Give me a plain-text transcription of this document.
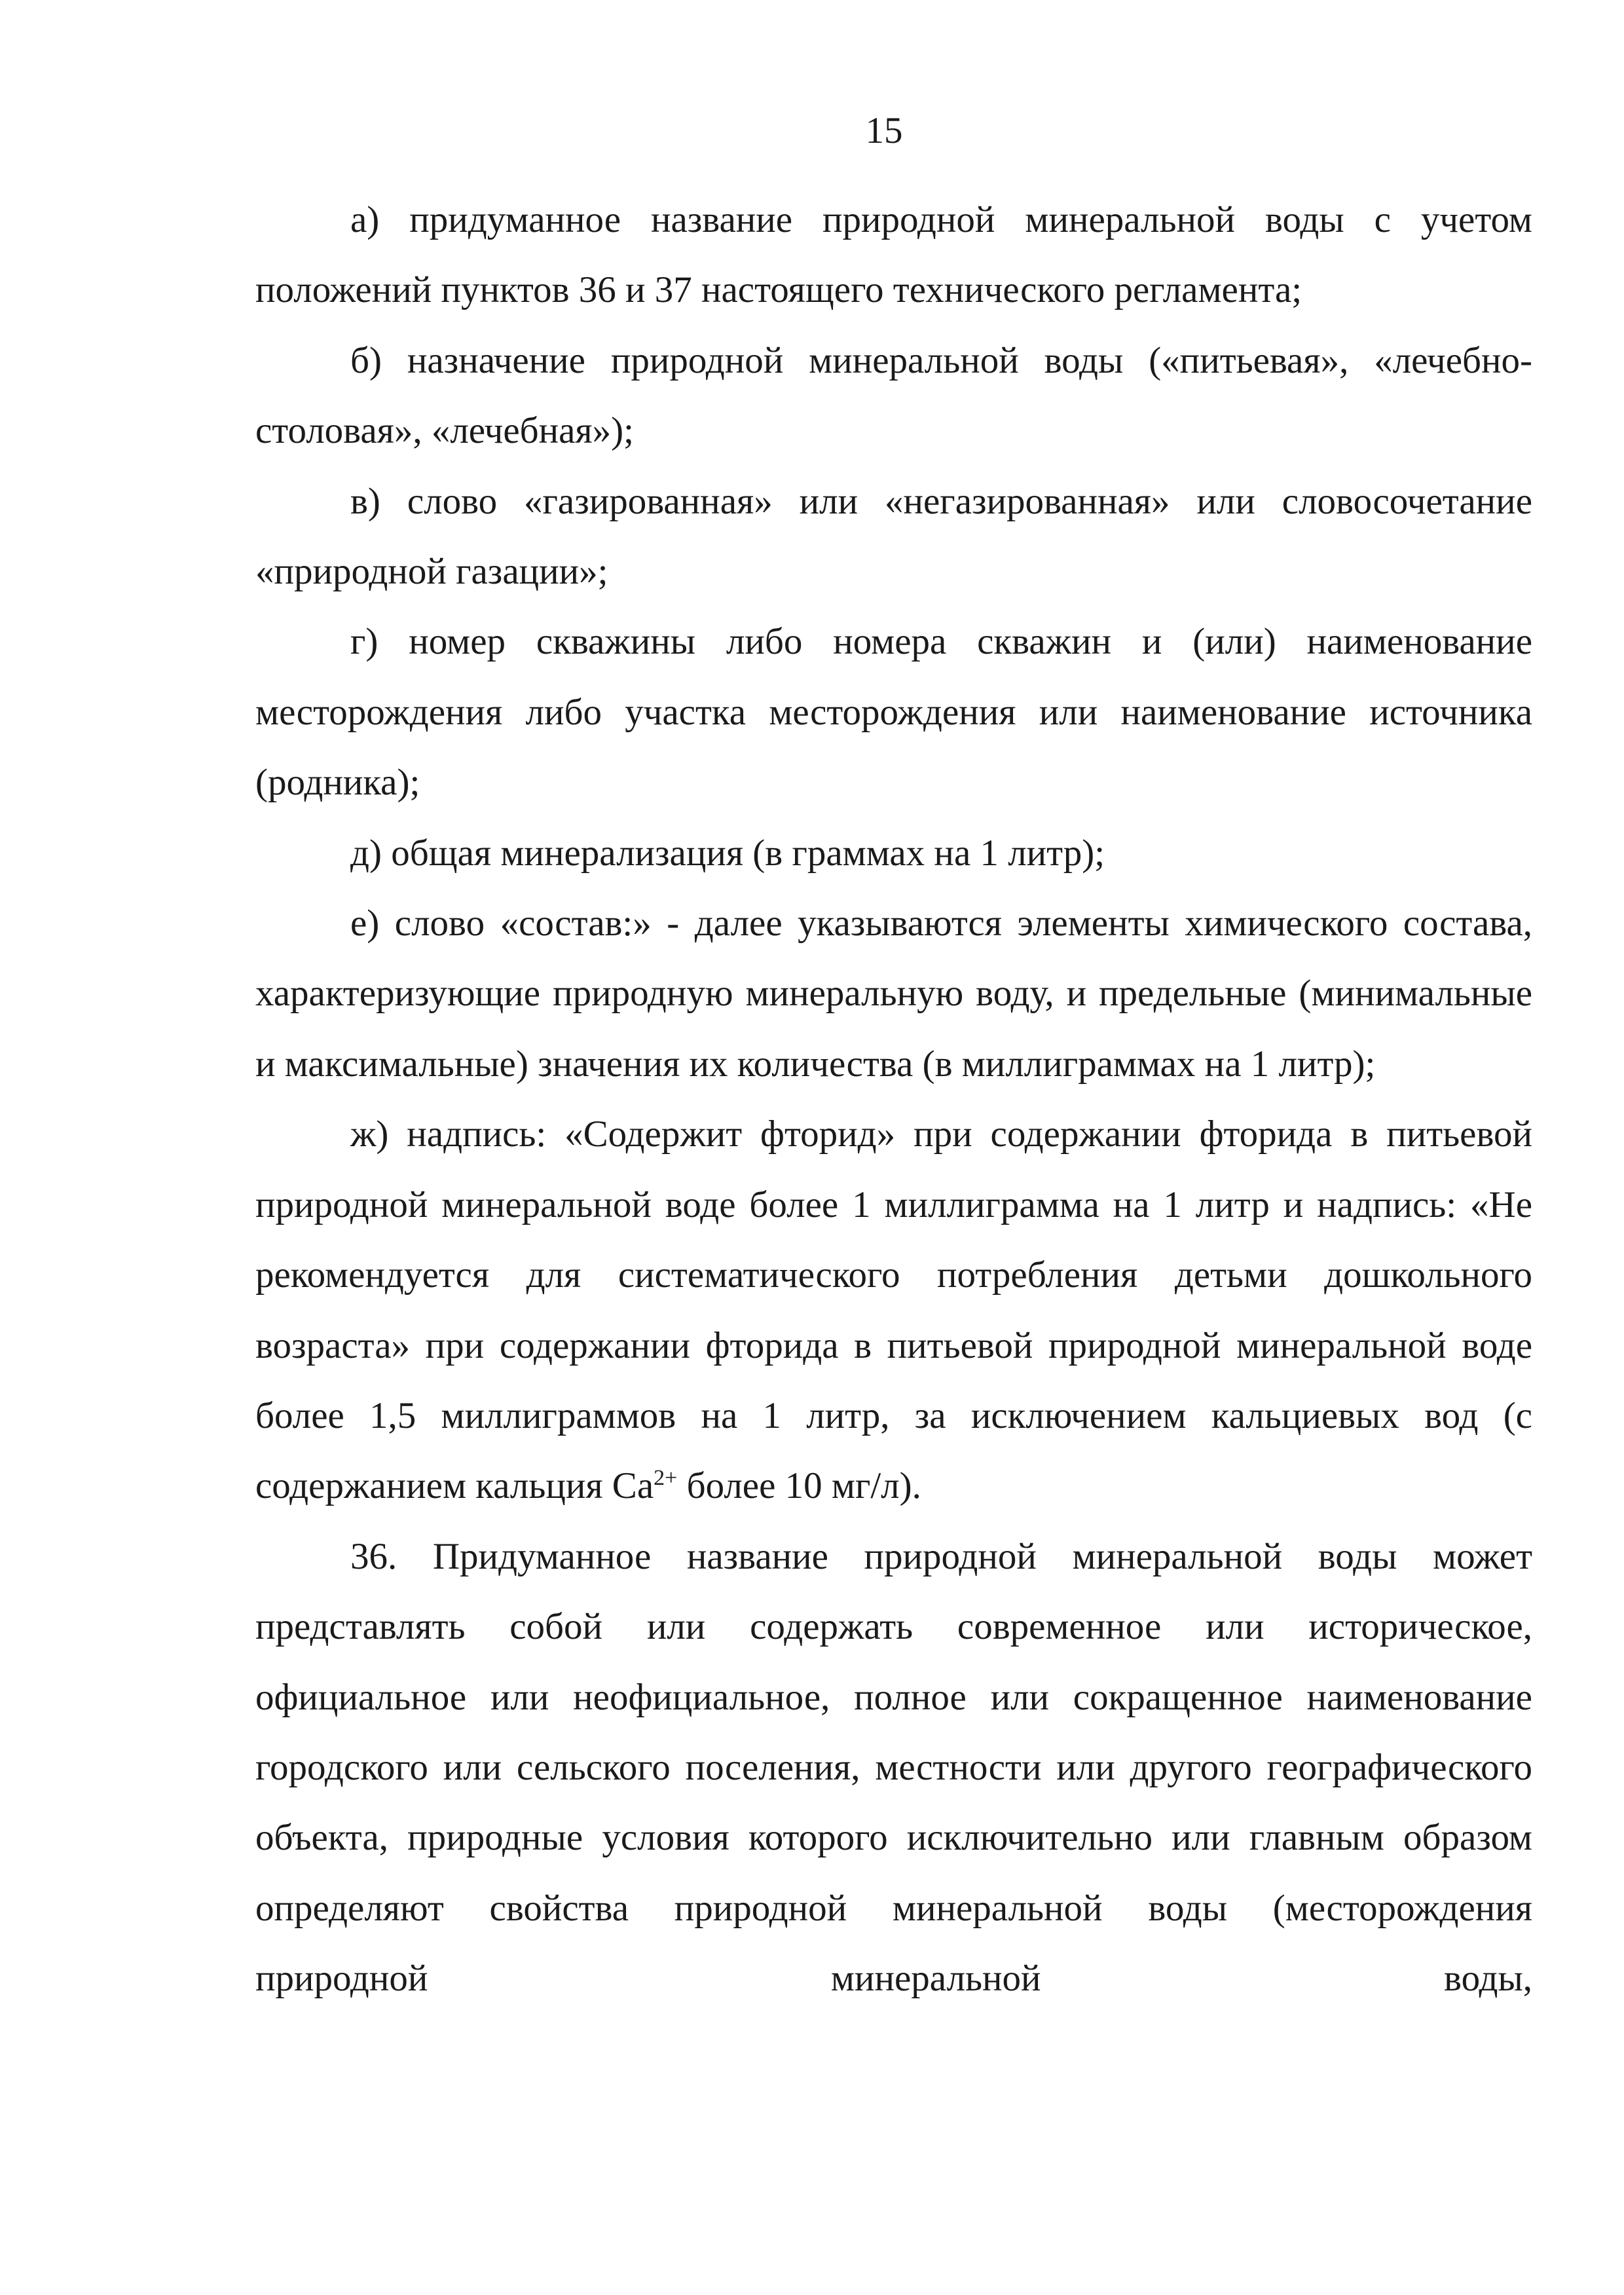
15

а) придуманное название природной минеральной воды с учетом положений пунктов 36 и 37 настоящего технического регламента;

б) назначение природной минеральной воды («питьевая», «лечебно-столовая», «лечебная»);

в) слово «газированная» или «негазированная» или словосочетание «природной газации»;

г) номер скважины либо номера скважин и (или) наименование месторождения либо участка месторождения или наименование источника (родника);

д) общая минерализация (в граммах на 1 литр);

е) слово «состав:» - далее указываются элементы химического состава, характеризующие природную минеральную воду, и предельные (минимальные и максимальные) значения их количества (в миллиграммах на 1 литр);

ж) надпись: «Содержит фторид» при содержании фторида в питьевой природной минеральной воде более 1 миллиграмма на 1 литр и надпись: «Не рекомендуется для систематического потребления детьми дошкольного возраста» при содержании фторида в питьевой природной минеральной воде более 1,5 миллиграммов на 1 литр, за исключением кальциевых вод (с содержанием кальция $Ca^{2+}$ более 10 мг/л).

36. Придуманное название природной минеральной воды может представлять собой или содержать современное или историческое, официальное или неофициальное, полное или сокращенное наименование городского или сельского поселения, местности или другого географического объекта, природные условия которого исключительно или главным образом определяют свойства природной минеральной воды (месторождения природной минеральной воды,
